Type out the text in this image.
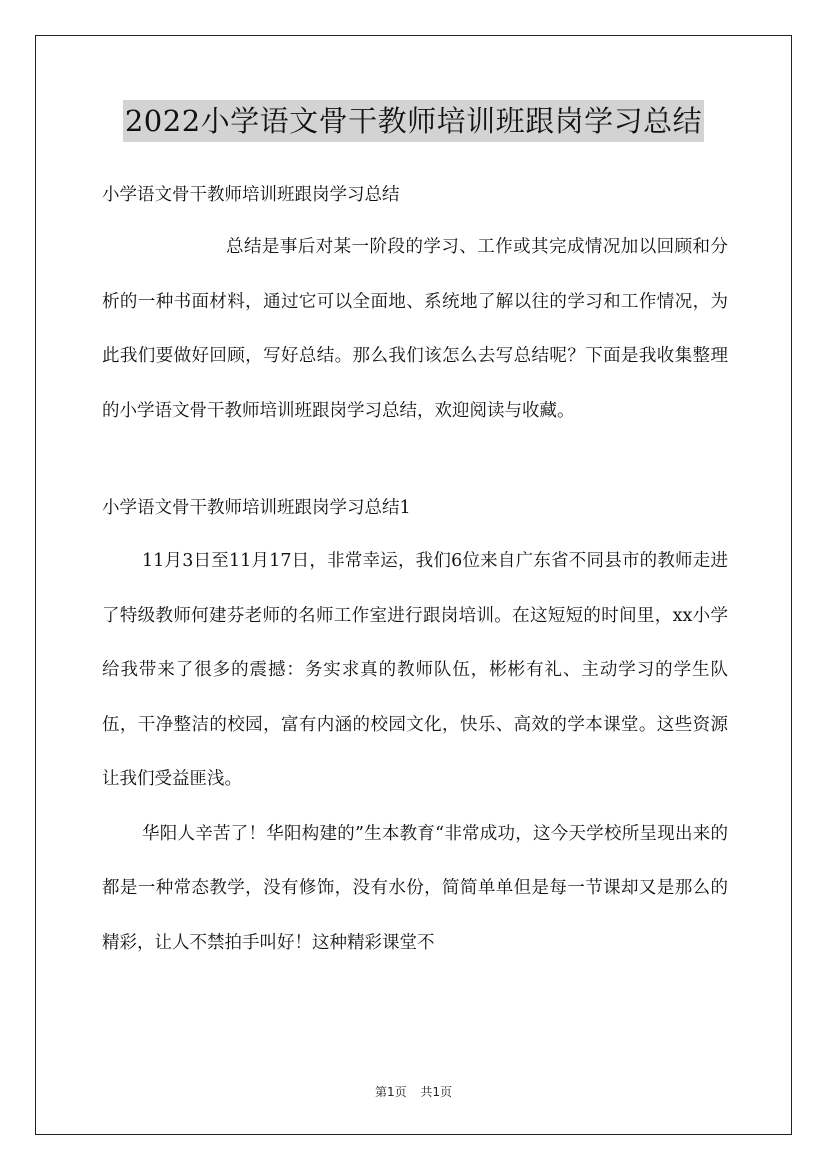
2022小学语文骨干教师培训班跟岗学习总结

小学语文骨干教师培训班跟岗学习总结

总结是事后对某一阶段的学习、工作或其完成情况加以回顾和分析的一种书面材料，通过它可以全面地、系统地了解以往的学习和工作情况，为此我们要做好回顾，写好总结。那么我们该怎么去写总结呢？下面是我收集整理的小学语文骨干教师培训班跟岗学习总结，欢迎阅读与收藏。

小学语文骨干教师培训班跟岗学习总结1

11月3日至11月17日，非常幸运，我们6位来自广东省不同县市的教师走进了特级教师何建芬老师的名师工作室进行跟岗培训。在这短短的时间里，xx小学给我带来了很多的震撼：务实求真的教师队伍，彬彬有礼、主动学习的学生队伍，干净整洁的校园，富有内涵的校园文化，快乐、高效的学本课堂。这些资源让我们受益匪浅。

华阳人辛苦了！华阳构建的”生本教育“非常成功，这今天学校所呈现出来的都是一种常态教学，没有修饰，没有水份，简简单单但是每一节课却又是那么的精彩，让人不禁拍手叫好！这种精彩课堂不

第1页 共1页
